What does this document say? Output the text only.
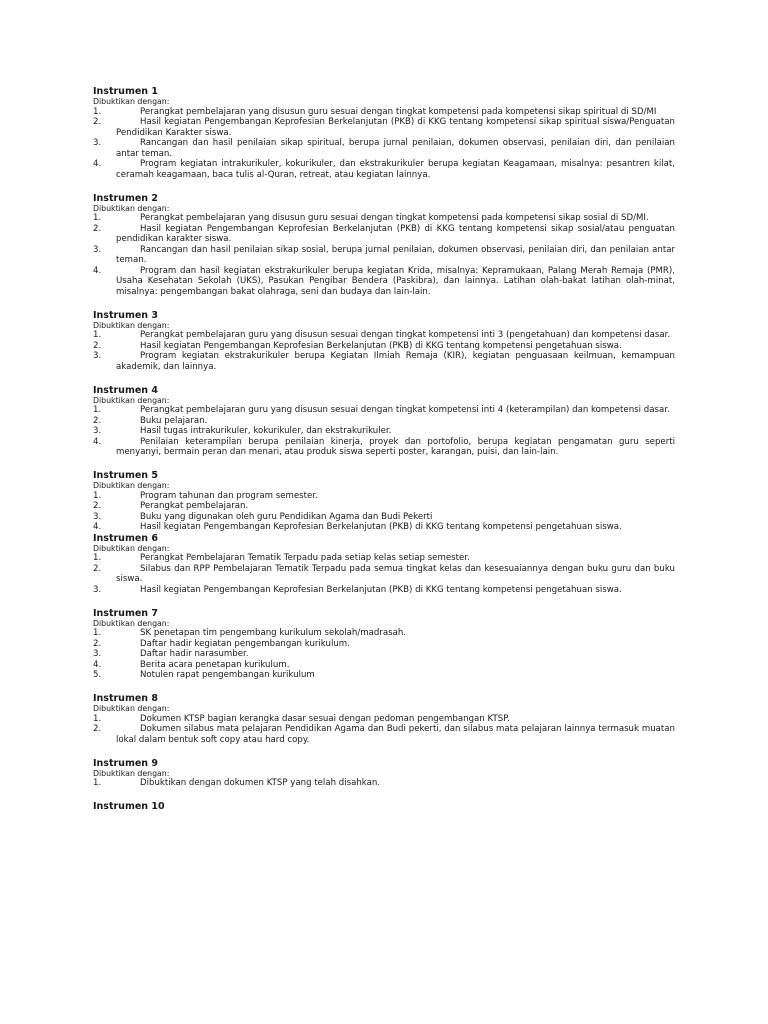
Instrumen 1
Dibuktikan dengan:
1.	Perangkat pembelajaran yang disusun guru sesuai dengan tingkat kompetensi pada kompetensi sikap spiritual di SD/MI
2.	Hasil kegiatan Pengembangan Keprofesian Berkelanjutan (PKB) di KKG tentang kompetensi sikap spiritual siswa/Penguatan Pendidikan Karakter siswa.
3.	Rancangan dan hasil penilaian sikap spiritual, berupa jurnal penilaian, dokumen observasi, penilaian diri, dan penilaian antar teman.
4.	Program kegiatan intrakurikuler, kokurikuler, dan ekstrakurikuler berupa kegiatan Keagamaan, misalnya: pesantren kilat, ceramah keagamaan, baca tulis al-Quran, retreat, atau kegiatan lainnya.
Instrumen 2
Dibuktikan dengan:
1.	Perangkat pembelajaran yang disusun guru sesuai dengan tingkat kompetensi pada kompetensi sikap sosial di SD/MI.
2.	Hasil kegiatan Pengembangan Keprofesian Berkelanjutan (PKB) di KKG tentang kompetensi sikap sosial/atau penguatan pendidikan karakter siswa.
3.	Rancangan dan hasil penilaian sikap sosial, berupa jurnal penilaian, dokumen observasi, penilaian diri, dan penilaian antar teman.
4.	Program dan hasil kegiatan ekstrakurikuler berupa kegiatan Krida, misalnya: Kepramukaan, Palang Merah Remaja (PMR), Usaha Kesehatan Sekolah (UKS), Pasukan Pengibar Bendera (Paskibra), dan lainnya. Latihan olah-bakat latihan olah-minat, misalnya: pengembangan bakat olahraga, seni dan budaya dan lain-lain.
Instrumen 3
Dibuktikan dengan:
1.	Perangkat pembelajaran guru yang disusun sesuai dengan tingkat kompetensi inti 3 (pengetahuan) dan kompetensi dasar.
2.	Hasil kegiatan Pengembangan Keprofesian Berkelanjutan (PKB) di KKG tentang kompetensi pengetahuan siswa.
3.	Program kegiatan ekstrakurikuler berupa Kegiatan Ilmiah Remaja (KIR), kegiatan penguasaan keilmuan, kemampuan akademik, dan lainnya.
Instrumen 4
Dibuktikan dengan:
1.	Perangkat pembelajaran guru yang disusun sesuai dengan tingkat kompetensi inti 4 (keterampilan) dan kompetensi dasar.
2.	Buku pelajaran.
3.	Hasil tugas intrakurikuler, kokurikuler, dan ekstrakurikuler.
4.	Penilaian keterampilan berupa penilaian kinerja, proyek dan portofolio, berupa kegiatan pengamatan guru seperti menyanyi, bermain peran dan menari, atau produk siswa seperti poster, karangan, puisi, dan lain-lain.
Instrumen 5
Dibuktikan dengan:
1.	Program tahunan dan program semester.
2.	Perangkat pembelajaran.
3.	Buku yang digunakan oleh guru Pendidikan Agama dan Budi Pekerti
4.	Hasil kegiatan Pengembangan Keprofesian Berkelanjutan (PKB) di KKG tentang kompetensi pengetahuan siswa.
Instrumen 6
Dibuktikan dengan:
1.	Perangkat Pembelajaran Tematik Terpadu pada setiap kelas setiap semester.
2.	Silabus dan RPP Pembelajaran Tematik Terpadu pada semua tingkat kelas dan kesesuaiannya dengan buku guru dan buku siswa.
3.	Hasil kegiatan Pengembangan Keprofesian Berkelanjutan (PKB) di KKG tentang kompetensi pengetahuan siswa.
Instrumen 7
Dibuktikan dengan:
1.	SK penetapan tim pengembang kurikulum sekolah/madrasah.
2.	Daftar hadir kegiatan pengembangan kurikulum.
3.	Daftar hadir narasumber.
4.	Berita acara penetapan kurikulum.
5.	Notulen rapat pengembangan kurikulum
Instrumen 8
Dibuktikan dengan:
1.	Dokumen KTSP bagian kerangka dasar sesuai dengan pedoman pengembangan KTSP.
2.	Dokumen silabus mata pelajaran Pendidikan Agama dan Budi pekerti, dan silabus mata pelajaran lainnya termasuk muatan lokal dalam bentuk soft copy atau hard copy.
Instrumen 9
Dibuktikan dengan:
1.	Dibuktikan dengan dokumen KTSP yang telah disahkan.
Instrumen 10
